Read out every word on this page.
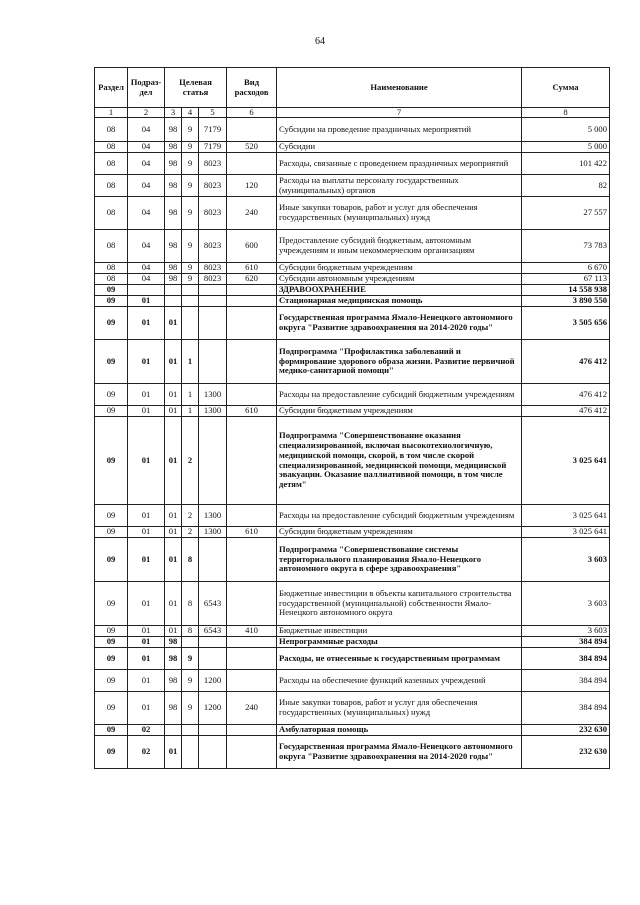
64
Раздел	Подраз-дел	Целевая статья			Вид расходов	Наименование	Сумма
1	2	3	4	5	6	7	8
08	04	98	9	7179		Субсидии на проведение праздничных мероприятий	5 000
08	04	98	9	7179	520	Субсидии	5 000
08	04	98	9	8023		Расходы, связанные с проведением праздничных мероприятий	101 422
08	04	98	9	8023	120	Расходы на выплаты персоналу государственных (муниципальных) органов	82
08	04	98	9	8023	240	Иные закупки товаров, работ и услуг для обеспечения государственных (муниципальных) нужд	27 557
08	04	98	9	8023	600	Предоставление субсидий бюджетным, автономным учреждениям и иным некоммерческим организациям	73 783
08	04	98	9	8023	610	Субсидии бюджетным учреждениям	6 670
08	04	98	9	8023	620	Субсидии автономным учреждениям	67 113
09						ЗДРАВООХРАНЕНИЕ	14 558 938
09	01					Стационарная медицинская помощь	3 890 550
09	01	01				Государственная программа Ямало-Ненецкого автономного округа "Развитие здравоохранения на 2014-2020 годы"	3 505 656
09	01	01	1			Подпрограмма "Профилактика заболеваний и формирование здорового образа жизни. Развитие первичной медико-санитарной помощи"	476 412
09	01	01	1	1300		Расходы на предоставление субсидий бюджетным учреждениям	476 412
09	01	01	1	1300	610	Субсидии бюджетным учреждениям	476 412
09	01	01	2			Подпрограмма "Совершенствование оказания специализированной, включая высокотехнологичную, медицинской помощи, скорой, в том числе скорой специализированной, медицинской помощи, медицинской эвакуации. Оказание паллиативной помощи, в том числе детям"	3 025 641
09	01	01	2	1300		Расходы на предоставление субсидий бюджетным учреждениям	3 025 641
09	01	01	2	1300	610	Субсидии бюджетным учреждениям	3 025 641
09	01	01	8			Подпрограмма "Совершенствование системы территориального планирования Ямало-Ненецкого автономного округа в сфере здравоохранения"	3 603
09	01	01	8	6543		Бюджетные инвестиции в объекты капитального строительства государственной (муниципальной) собственности Ямало-Ненецкого автономного округа	3 603
09	01	01	8	6543	410	Бюджетные инвестиции	3 603
09	01	98				Непрограммные расходы	384 894
09	01	98	9			Расходы, не отнесенные к государственным программам	384 894
09	01	98	9	1200		Расходы на обеспечение функций казенных учреждений	384 894
09	01	98	9	1200	240	Иные закупки товаров, работ и услуг для обеспечения государственных (муниципальных) нужд	384 894
09	02					Амбулаторная помощь	232 630
09	02	01				Государственная программа Ямало-Ненецкого автономного округа "Развитие здравоохранения на 2014-2020 годы"	232 630
